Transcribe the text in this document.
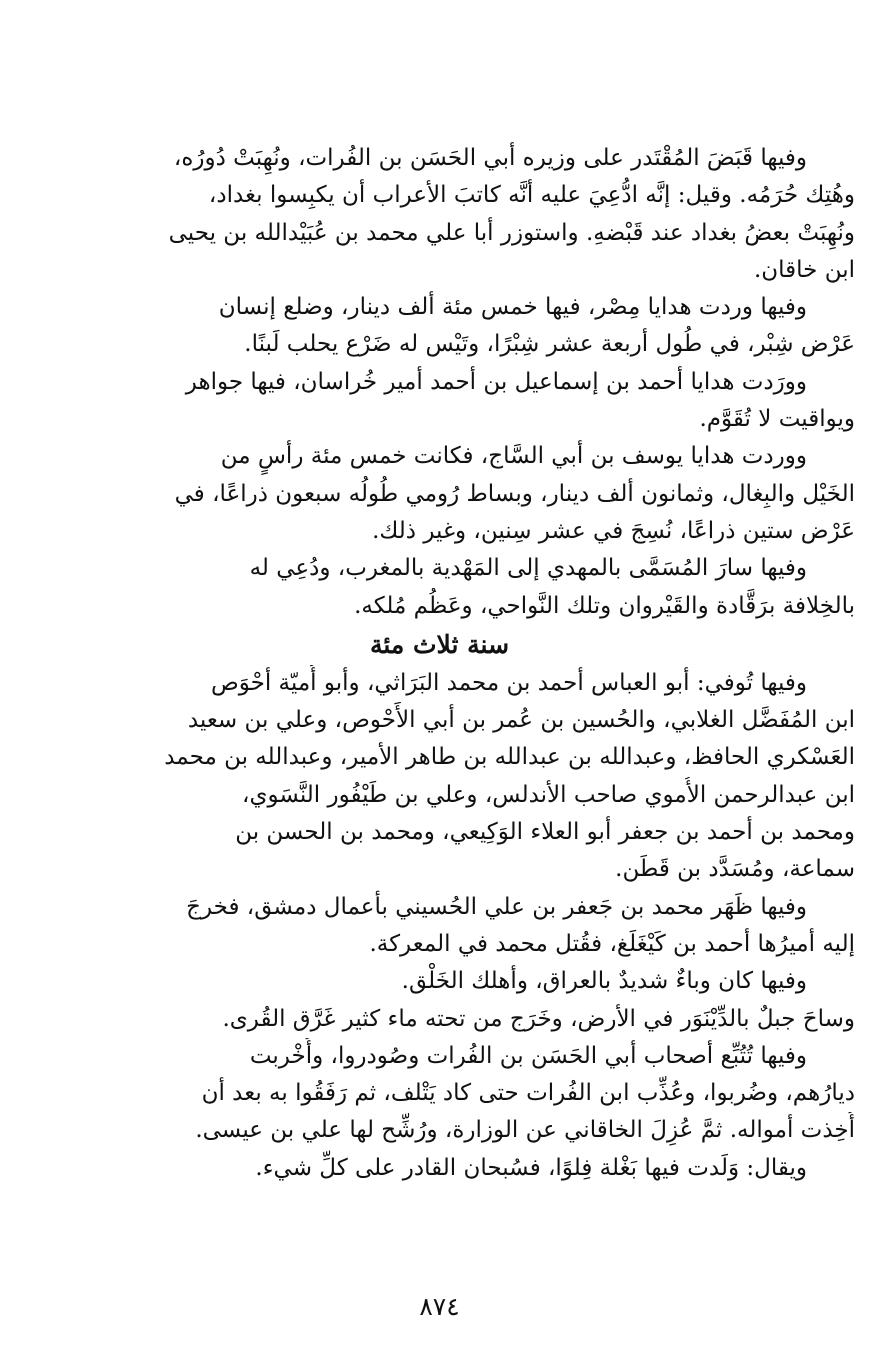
وفيها قَبَضَ المُقْتَدر على وزيره أبي الحَسَن بن الفُرات، ونُهِبَتْ دُورُه،
وهُتِك حُرَمُه. وقيل: إنَّه ادُّعِيَ عليه أنَّه كاتبَ الأعراب أن يكبِسوا بغداد،
ونُهِبَتْ بعضُ بغداد عند قَبْضهِ. واستوزر أبا علي محمد بن عُبَيْدالله بن يحيى
ابن خاقان.

وفيها وردت هدايا مِصْر، فيها خمس مئة ألف دينار، وضلع إنسان
عَرْض شِبْر، في طُول أربعة عشر شِبْرًا، وتَيْس له ضَرْع يحلب لَبنًا.

وورَدت هدايا أحمد بن إسماعيل بن أحمد أمير خُراسان، فيها جواهر
ويواقيت لا تُقَوَّم.

ووردت هدايا يوسف بن أبي السَّاج، فكانت خمس مئة رأسٍ من
الخَيْل والبِغال، وثمانون ألف دينار، وبساط رُومي طُولُه سبعون ذراعًا، في
عَرْض ستين ذراعًا، نُسِجَ في عشر سِنين، وغير ذلك.

وفيها سارَ المُسَمَّى بالمهدي إلى المَهْدية بالمغرب، ودُعِي له
بالخِلافة برَقَّادة والقَيْروان وتلك النَّواحي، وعَظُم مُلكه.

سنة ثلاث مئة

وفيها تُوفي: أبو العباس أحمد بن محمد البَرَاثي، وأبو أُميّة أحْوَص
ابن المُفَضَّل الغلابي، والحُسين بن عُمر بن أبي الأَحْوص، وعلي بن سعيد
العَسْكري الحافظ، وعبدالله بن عبدالله بن طاهر الأمير، وعبدالله بن محمد
ابن عبدالرحمن الأُموي صاحب الأندلس، وعلي بن طَيْفُور النَّسَوي،
ومحمد بن أحمد بن جعفر أبو العلاء الوَكِيعي، ومحمد بن الحسن بن
سماعة، ومُسَدَّد بن قَطَن.

وفيها ظَهَر محمد بن جَعفر بن علي الحُسيني بأعمال دمشق، فخرجَ
إليه أميرُها أحمد بن كَيْغَلَغ، فقُتل محمد في المعركة.

وفيها كان وباءٌ شديدٌ بالعراق، وأهلك الخَلْق.

وساحَ جبلٌ بالدِّيْنَوَر في الأرض، وخَرَج من تحته ماء كثير غَرَّق القُرى.

وفيها تُتُبِّع أصحاب أبي الحَسَن بن الفُرات وصُودروا، وأُخْربت
ديارُهم، وضُربوا، وعُذِّب ابن الفُرات حتى كاد يَتْلف، ثم رَفَقُوا به بعد أن
أُخِذت أمواله. ثمَّ عُزِلَ الخاقاني عن الوزارة، ورُشِّح لها علي بن عيسى.

ويقال: وَلَدت فيها بَغْلة فِلوًا، فسُبحان القادر على كلِّ شيء.

٨٧٤
